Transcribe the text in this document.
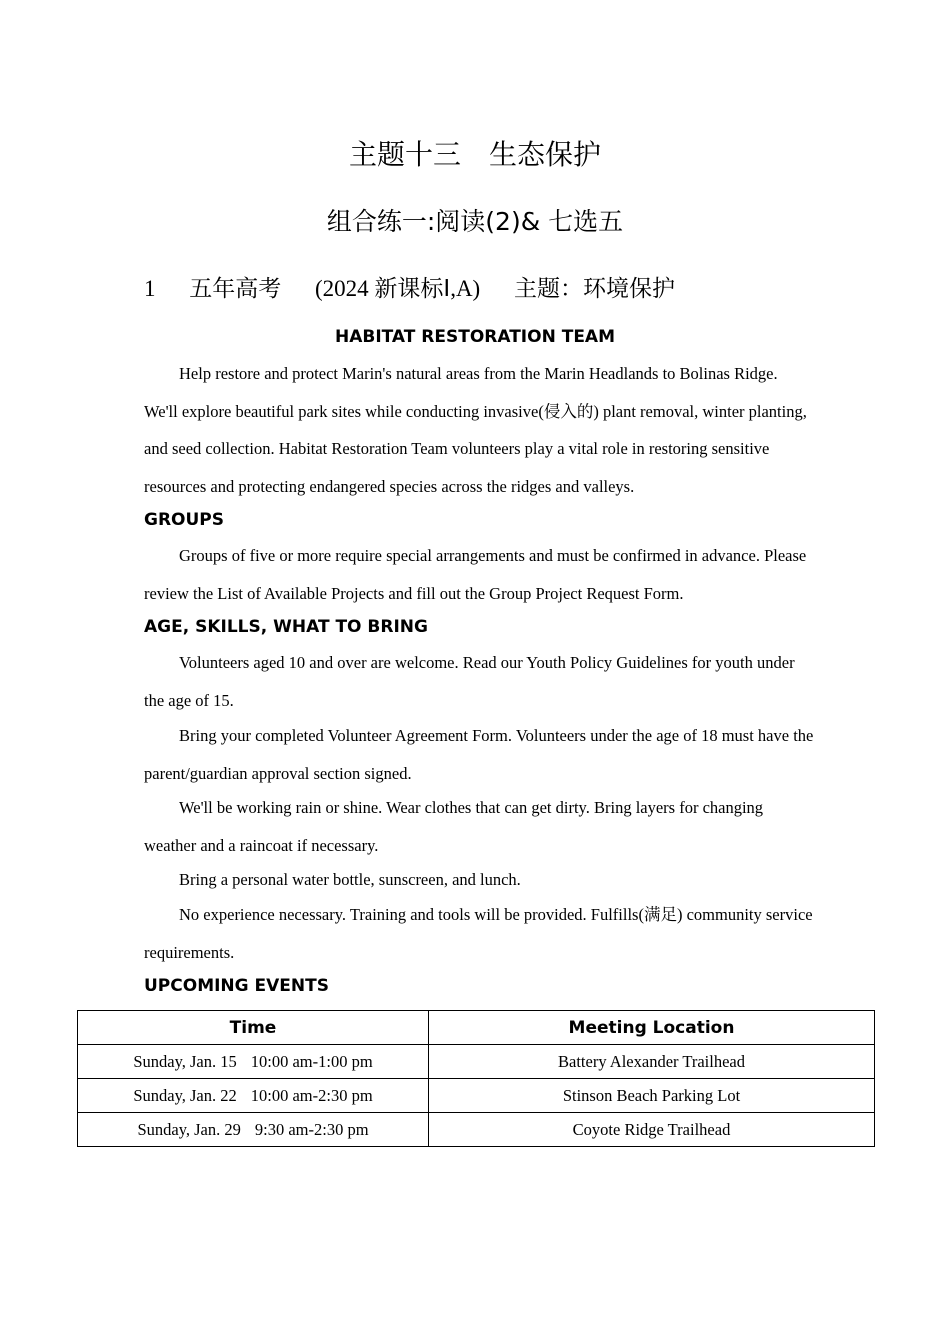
主题十三　生态保护
组合练一:阅读(2)& 七选五
1 五年高考 (2024 新课标Ⅰ,A) 主题：环境保护
HABITAT RESTORATION TEAM

Help restore and protect Marin's natural areas from the Marin Headlands to Bolinas Ridge. We'll explore beautiful park sites while conducting invasive(侵入的) plant removal, winter planting, and seed collection. Habitat Restoration Team volunteers play a vital role in restoring sensitive resources and protecting endangered species across the ridges and valleys.

GROUPS

Groups of five or more require special arrangements and must be confirmed in advance. Please review the List of Available Projects and fill out the Group Project Request Form.

AGE, SKILLS, WHAT TO BRING

Volunteers aged 10 and over are welcome. Read our Youth Policy Guidelines for youth under the age of 15.

Bring your completed Volunteer Agreement Form. Volunteers under the age of 18 must have the parent/guardian approval section signed.

We'll be working rain or shine. Wear clothes that can get dirty. Bring layers for changing weather and a raincoat if necessary.

Bring a personal water bottle, sunscreen, and lunch.

No experience necessary. Training and tools will be provided. Fulfills(满足) community service requirements.

UPCOMING EVENTS
Time	Meeting Location
Sunday, Jan. 15 10:00 am-1:00 pm	Battery Alexander Trailhead
Sunday, Jan. 22 10:00 am-2:30 pm	Stinson Beach Parking Lot
Sunday, Jan. 29 9:30 am-2:30 pm	Coyote Ridge Trailhead
